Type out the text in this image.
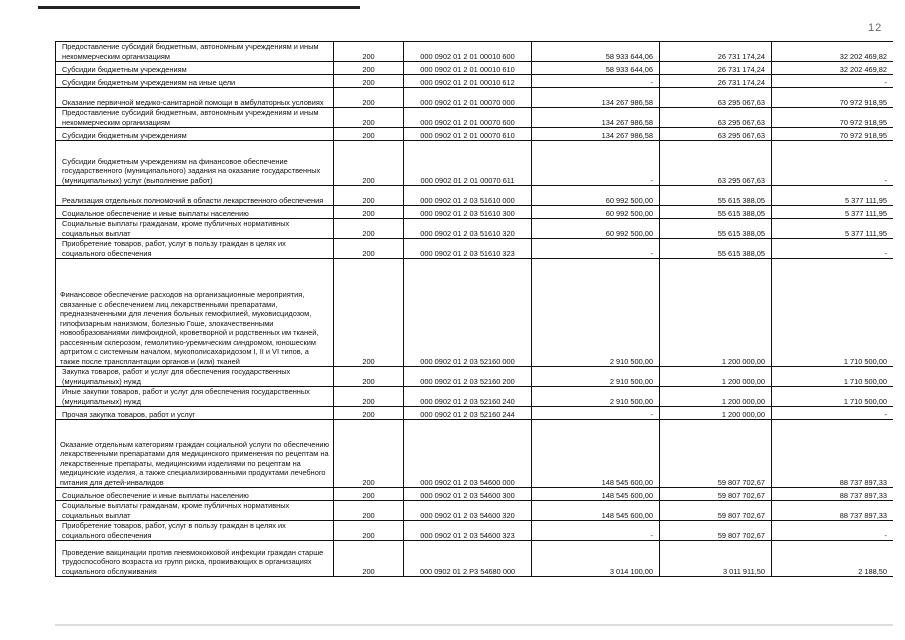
12
Предоставление субсидий бюджетным, автономным учреждениям и иным некоммерческим организациям	200	000 0902 01 2 01 00010 600	58 933 644,06	26 731 174,24	32 202 469,82
Субсидии бюджетным учреждениям	200	000 0902 01 2 01 00010 610	58 933 644,06	26 731 174,24	32 202 469,82
Субсидии бюджетным учреждениям на иные цели	200	000 0902 01 2 01 00010 612	-	26 731 174,24	-
Оказание первичной медико-санитарной помощи в амбулаторных условиях	200	000 0902 01 2 01 00070 000	134 267 986,58	63 295 067,63	70 972 918,95
Предоставление субсидий бюджетным, автономным учреждениям и иным некоммерческим организациям	200	000 0902 01 2 01 00070 600	134 267 986,58	63 295 067,63	70 972 918,95
Субсидии бюджетным учреждениям	200	000 0902 01 2 01 00070 610	134 267 986,58	63 295 067,63	70 972 918,95
Субсидии бюджетным учреждениям на финансовое обеспечение государственного (муниципального) задания на оказание государственных (муниципальных) услуг (выполнение работ)	200	000 0902 01 2 01 00070 611	-	63 295 067,63	-
Реализация отдельных полномочий в области лекарственного обеспечения	200	000 0902 01 2 03 51610 000	60 992 500,00	55 615 388,05	5 377 111,95
Социальное обеспечение и иные выплаты населению	200	000 0902 01 2 03 51610 300	60 992 500,00	55 615 388,05	5 377 111,95
Социальные выплаты гражданам, кроме публичных нормативных социальных выплат	200	000 0902 01 2 03 51610 320	60 992 500,00	55 615 388,05	5 377 111,95
Приобретение товаров, работ, услуг в пользу граждан в целях их социального обеспечения	200	000 0902 01 2 03 51610 323	-	55 615 388,05	-
Финансовое обеспечение расходов на организационные мероприятия, связанные с обеспечением лиц лекарственными препаратами, предназначенными для лечения больных гемофилией, муковисцидозом, гипофизарным нанизмом, болезнью Гоше, злокачественными новообразованиями лимфоидной, кроветворной и родственных им тканей, рассеянным склерозом, гемолитико-уремическим синдромом, юношеским артритом с системным началом, мукополисахаридозом I, II и VI типов, а также после трансплантации органов и (или) тканей	200	000 0902 01 2 03 52160 000	2 910 500,00	1 200 000,00	1 710 500,00
Закупка товаров, работ и услуг для обеспечения государственных (муниципальных) нужд	200	000 0902 01 2 03 52160 200	2 910 500,00	1 200 000,00	1 710 500,00
Иные закупки товаров, работ и услуг для обеспечения государственных (муниципальных) нужд	200	000 0902 01 2 03 52160 240	2 910 500,00	1 200 000,00	1 710 500,00
Прочая закупка товаров, работ и услуг	200	000 0902 01 2 03 52160 244	-	1 200 000,00	-
Оказание отдельным категориям граждан социальной услуги по обеспечению лекарственными препаратами для медицинского применения по рецептам на лекарственные препараты, медицинскими изделиями по рецептам на медицинские изделия, а также специализированными продуктами лечебного питания для детей-инвалидов	200	000 0902 01 2 03 54600 000	148 545 600,00	59 807 702,67	88 737 897,33
Социальное обеспечение и иные выплаты населению	200	000 0902 01 2 03 54600 300	148 545 600,00	59 807 702,67	88 737 897,33
Социальные выплаты гражданам, кроме публичных нормативных социальных выплат	200	000 0902 01 2 03 54600 320	148 545 600,00	59 807 702,67	88 737 897,33
Приобретение товаров, работ, услуг в пользу граждан в целях их социального обеспечения	200	000 0902 01 2 03 54600 323	-	59 807 702,67	-
Проведение вакцинации против пневмококковой инфекции граждан старше трудоспособного возраста из групп риска, проживающих в организациях социального обслуживания	200	000 0902 01 2 P3 54680 000	3 014 100,00	3 011 911,50	2 188,50
